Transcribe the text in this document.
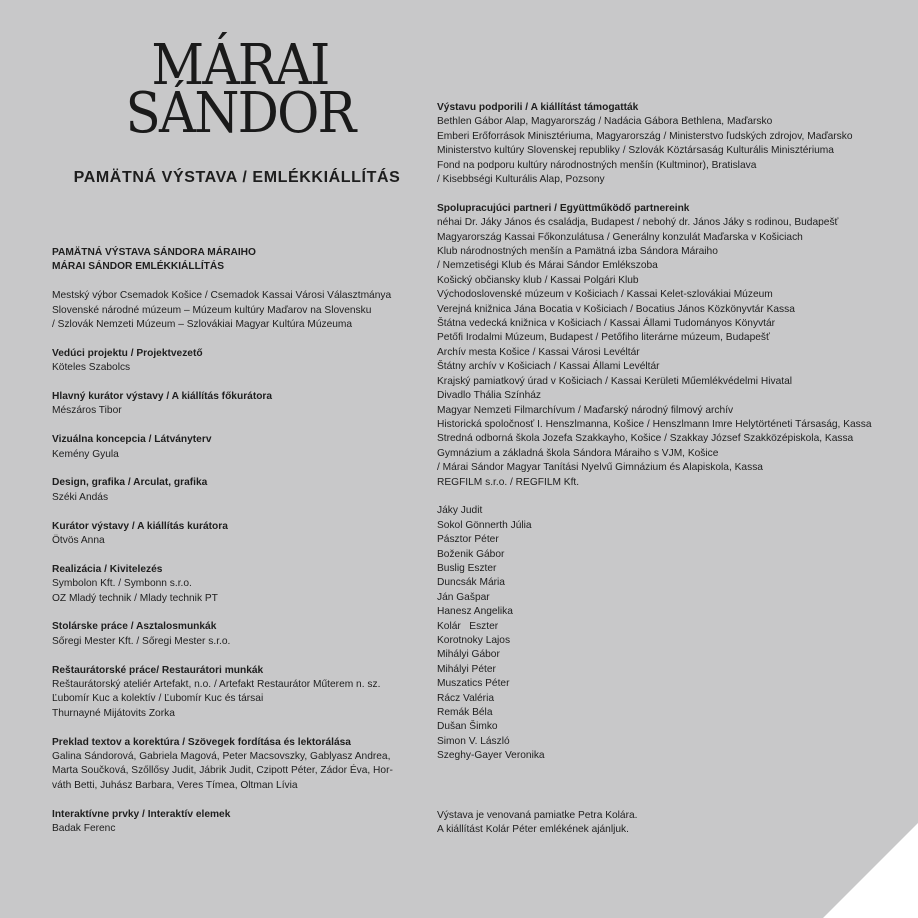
MÁRAI
SÁNDOR
PAMÄTNÁ VÝSTAVA / EMLÉKKIÁLLÍTÁS
PAMÄTNÁ VÝSTAVA SÁNDORA MÁRAIHO
MÁRAI SÁNDOR EMLÉKKIÁLLÍTÁS
Mestský výbor Csemadok Košice / Csemadok Kassai Városi Választmánya
Slovenské národné múzeum – Múzeum kultúry Maďarov na Slovensku
/ Szlovák Nemzeti Múzeum – Szlovákiai Magyar Kultúra Múzeuma
Vedúci projektu / Projektvezető
Köteles Szabolcs
Hlavný kurátor výstavy / A kiállítás főkurátora
Mészáros Tibor
Vizuálna koncepcia / Látványterv
Kemény Gyula
Design, grafika / Arculat, grafika
Széki Andás
Kurátor výstavy / A kiállítás kurátora
Ötvös Anna
Realizácia / Kivitelezés
Symbolon Kft. / Symbonn s.r.o.
OZ Mladý technik / Mlady technik PT
Stolárske práce / Asztalosmunkák
Sőregi Mester Kft. / Sőregi Mester s.r.o.
Reštaurátorské práce/ Restaurátori munkák
Reštaurátorský ateliér Artefakt, n.o. / Artefakt Restaurátor Műterem n. sz.
Ľubomír Kuc a kolektív / Ľubomír Kuc és társai
Thurnayné Mijátovits Zorka
Preklad textov a korektúra / Szövegek fordítása és lektorálása
Galina Sándorová, Gabriela Magová, Peter Macsovszky, Gablyasz Andrea,
Marta Součková, Szőllősy Judit, Jábrik Judit, Czipott Péter, Zádor Éva, Hor-
váth Betti, Juhász Barbara, Veres Tímea, Oltman Lívia
Interaktívne prvky / Interaktív elemek
Badak Ferenc
Výstavu podporili / A kiállítást támogatták
Bethlen Gábor Alap, Magyarország / Nadácia Gábora Bethlena, Maďarsko
Emberi Erőforrások Minisztériuma, Magyarország / Ministerstvo ľudských zdrojov, Maďarsko
Ministerstvo kultúry Slovenskej republiky / Szlovák Köztársaság Kulturális Minisztériuma
Fond na podporu kultúry národnostných menšín (Kultminor), Bratislava
/ Kisebbségi Kulturális Alap, Pozsony
Spolupracujúci partneri / Együttműködő partnereink
néhai Dr. Jáky János és családja, Budapest / nebohý dr. János Jáky s rodinou, Budapešť
Magyarország Kassai Főkonzulátusa / Generálny konzulát Maďarska v Košiciach
Klub národnostných menšín a Pamätná izba Sándora Máraiho
/ Nemzetiségi Klub és Márai Sándor Emlékszoba
Košický občiansky klub / Kassai Polgári Klub
Východoslovenské múzeum v Košiciach / Kassai Kelet-szlovákiai Múzeum
Verejná knižnica Jána Bocatia v Košiciach / Bocatius János Közkönyvtár Kassa
Štátna vedecká knižnica v Košiciach / Kassai Állami Tudományos Könyvtár
Petőfi Irodalmi Múzeum, Budapest / Petőfiho literárne múzeum, Budapešť
Archív mesta Košice / Kassai Városi Levéltár
Štátny archív v Košiciach / Kassai Állami Levéltár
Krajský pamiatkový úrad v Košiciach / Kassai Kerületi Műemlékvédelmi Hivatal
Divadlo Thália Színház
Magyar Nemzeti Filmarchívum / Maďarský národný filmový archív
Historická spoločnosť I. Henszlmanna, Košice / Henszlmann Imre Helytörténeti Társaság, Kassa
Stredná odborná škola Jozefa Szakkayho, Košice / Szakkay József Szakközépiskola, Kassa
Gymnázium a základná škola Sándora Máraiho s VJM, Košice
/ Márai Sándor Magyar Tanítási Nyelvű Gimnázium és Alapiskola, Kassa
REGFILM s.r.o. / REGFILM Kft.
Jáky Judit
Sokol Gönnerth Júlia
Pásztor Péter
Boženik Gábor
Buslig Eszter
Duncsák Mária
Ján Gašpar
Hanesz Angelika
Kolár   Eszter
Korotnoky Lajos
Mihályi Gábor
Mihályi Péter
Muszatics Péter
Rácz Valéria
Remák Béla
Dušan Šimko
Simon V. László
Szeghy-Gayer Veronika
Výstava je venovaná pamiatke Petra Kolára.
A kiállítást Kolár Péter emlékének ajánljuk.
